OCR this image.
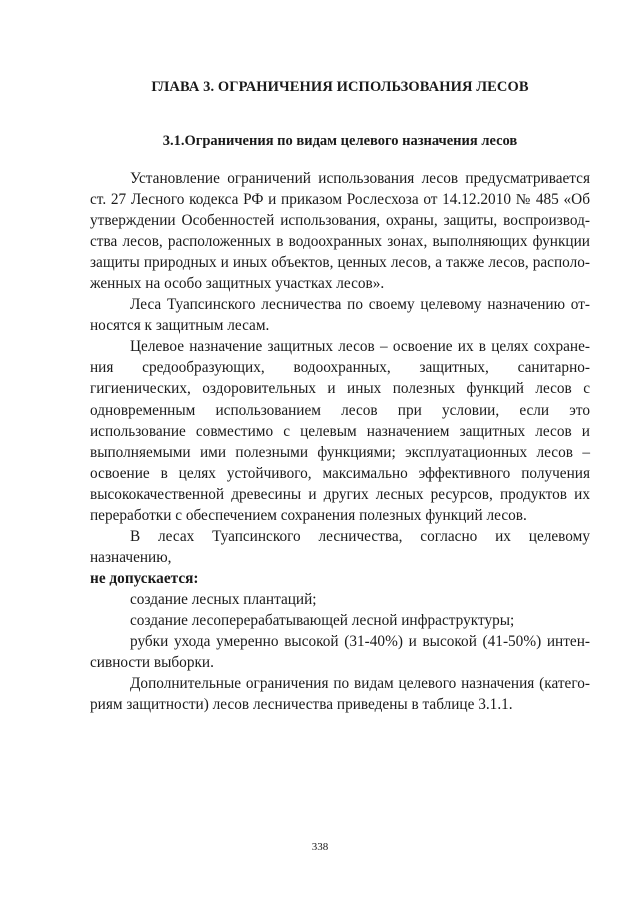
ГЛАВА 3. ОГРАНИЧЕНИЯ ИСПОЛЬЗОВАНИЯ ЛЕСОВ
3.1.Ограничения по видам целевого назначения лесов

Установление ограничений использования лесов предусматривается ст. 27 Лесного кодекса РФ и приказом Рослесхоза от 14.12.2010 № 485 «Об утверждении Особенностей использования, охраны, защиты, воспроизводства лесов, расположенных в водоохранных зонах, выполняющих функции защиты природных и иных объектов, ценных лесов, а также лесов, расположенных на особо защитных участках лесов».

Леса Туапсинского лесничества по своему целевому назначению относятся к защитным лесам.

Целевое назначение защитных лесов – освоение их в целях сохранения средообразующих, водоохранных, защитных, санитарно-гигиенических, оздоровительных и иных полезных функций лесов с одновременным использованием лесов при условии, если это использование совместимо с целевым назначением защитных лесов и выполняемыми ими полезными функциями; эксплуатационных лесов – освоение в целях устойчивого, максимально эффективного получения высококачественной древесины и других лесных ресурсов, продуктов их переработки с обеспечением сохранения полезных функций лесов.

В лесах Туапсинского лесничества, согласно их целевому назначению,

не допускается:

создание лесных плантаций;

создание лесоперерабатывающей лесной инфраструктуры;

рубки ухода умеренно высокой (31-40%) и высокой (41-50%) интенсивности выборки.

Дополнительные ограничения по видам целевого назначения (категориям защитности) лесов лесничества приведены в таблице 3.1.1.

338
